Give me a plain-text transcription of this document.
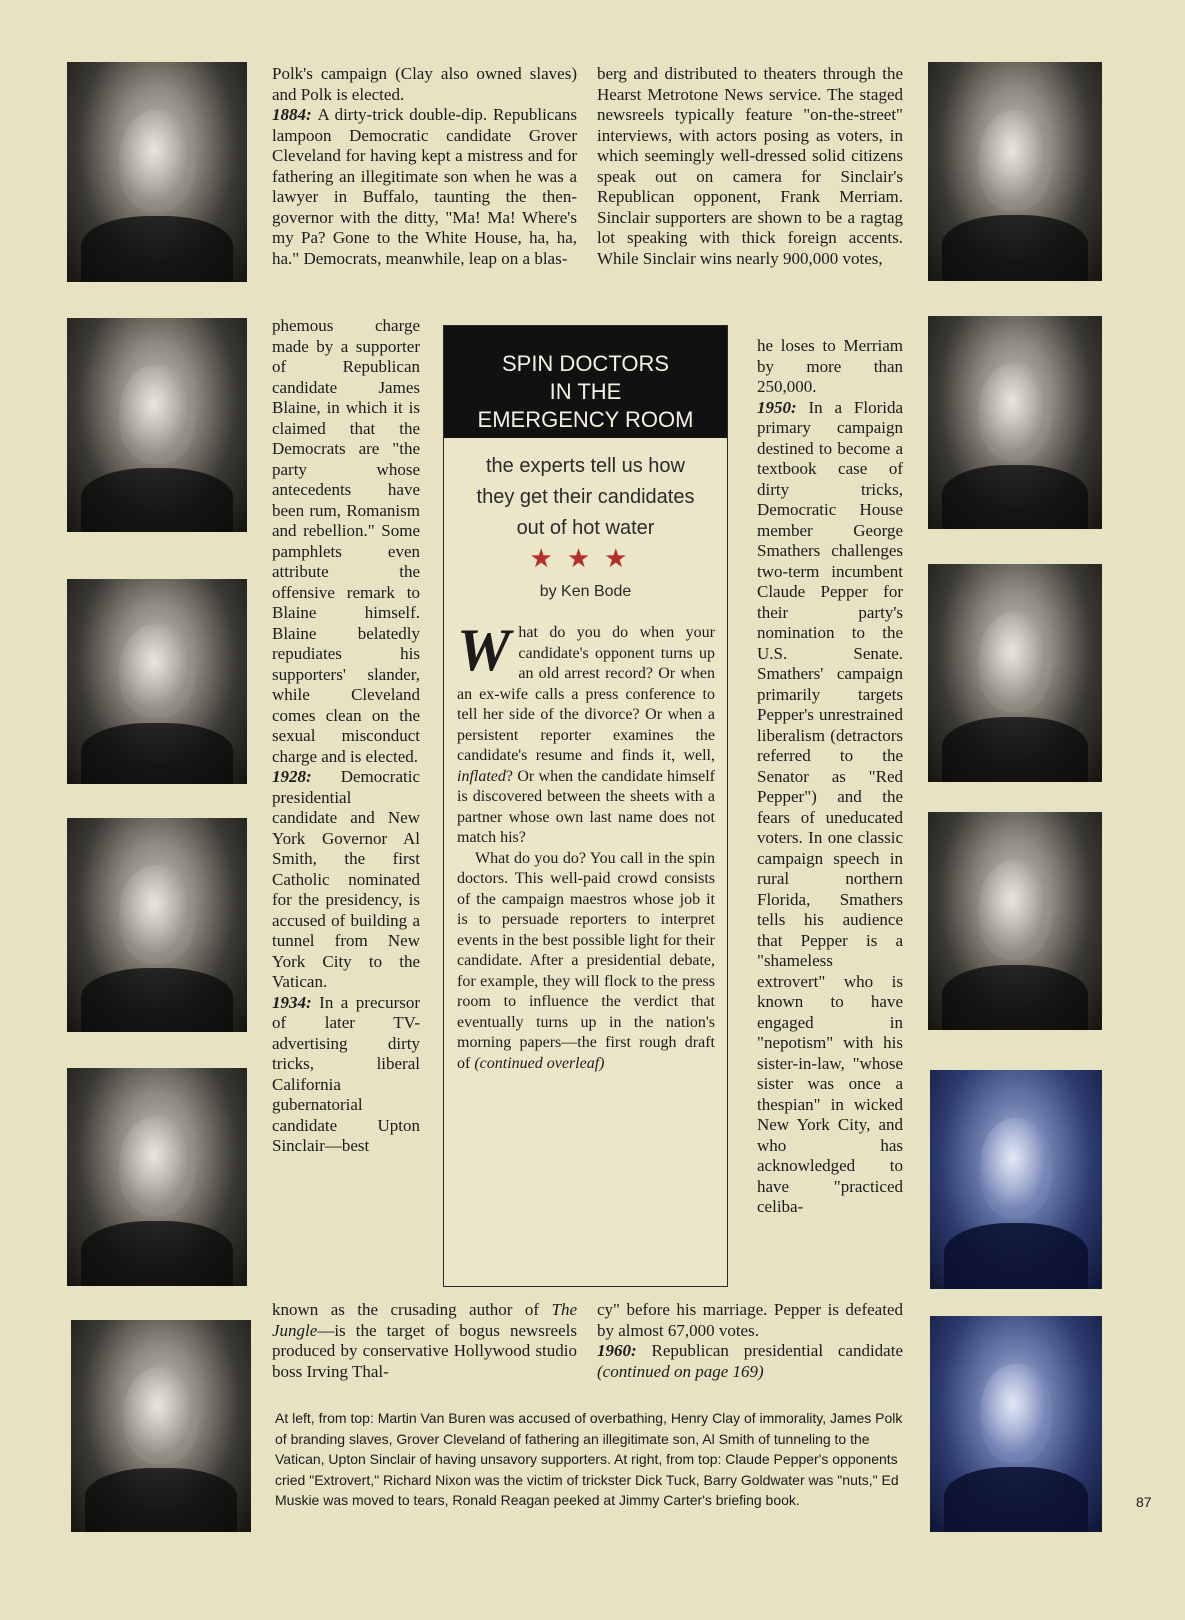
Polk's campaign (Clay also owned slaves) and Polk is elected.
1884: A dirty-trick double-dip. Republicans lampoon Democratic candidate Grover Cleveland for having kept a mistress and for fathering an illegitimate son when he was a lawyer in Buffalo, taunting the then-governor with the ditty, "Ma! Ma! Where's my Pa? Gone to the White House, ha, ha, ha." Democrats, meanwhile, leap on a blas-
phemous charge made by a supporter of Republican candidate James Blaine, in which it is claimed that the Democrats are "the party whose antecedents have been rum, Romanism and rebellion." Some pamphlets even attribute the offensive remark to Blaine himself. Blaine belatedly repudiates his supporters' slander, while Cleveland comes clean on the sexual misconduct charge and is elected.
1928: Democratic presidential candidate and New York Governor Al Smith, the first Catholic nominated for the presidency, is accused of building a tunnel from New York City to the Vatican.
1934: In a precursor of later TV-advertising dirty tricks, liberal California gubernatorial candidate Upton Sinclair—best
known as the crusading author of The Jungle—is the target of bogus newsreels produced by conservative Hollywood studio boss Irving Thal-
berg and distributed to theaters through the Hearst Metrotone News service. The staged newsreels typically feature "on-the-street" interviews, with actors posing as voters, in which seemingly well-dressed solid citizens speak out on camera for Sinclair's Republican opponent, Frank Merriam. Sinclair supporters are shown to be a ragtag lot speaking with thick foreign accents. While Sinclair wins nearly 900,000 votes,
he loses to Merriam by more than 250,000.
1950: In a Florida primary campaign destined to become a textbook case of dirty tricks, Democratic House member George Smathers challenges two-term incumbent Claude Pepper for their party's nomination to the U.S. Senate. Smathers' campaign primarily targets Pepper's unrestrained liberalism (detractors referred to the Senator as "Red Pepper") and the fears of uneducated voters. In one classic campaign speech in rural northern Florida, Smathers tells his audience that Pepper is a "shameless extrovert" who is known to have engaged in "nepotism" with his sister-in-law, "whose sister was once a thespian" in wicked New York City, and who has acknowledged to have "practiced celiba-
cy" before his marriage. Pepper is defeated by almost 67,000 votes.
1960: Republican presidential candidate (continued on page 169)
SPIN DOCTORS
IN THE
EMERGENCY ROOM
the experts tell us how
they get their candidates
out of hot water
★★★
by Ken Bode
What do you do when your candidate's opponent turns up an old arrest record? Or when an ex-wife calls a press conference to tell her side of the divorce? Or when a persistent reporter examines the candidate's resume and finds it, well, inflated? Or when the candidate himself is discovered between the sheets with a partner whose own last name does not match his?
What do you do? You call in the spin doctors. This well-paid crowd consists of the campaign maestros whose job it is to persuade reporters to interpret events in the best possible light for their candidate. After a presidential debate, for example, they will flock to the press room to influence the verdict that eventually turns up in the nation's morning papers—the first rough draft of (continued overleaf)
At left, from top: Martin Van Buren was accused of overbathing, Henry Clay of immorality, James Polk of branding slaves, Grover Cleveland of fathering an illegitimate son, Al Smith of tunneling to the Vatican, Upton Sinclair of having unsavory supporters. At right, from top: Claude Pepper's opponents cried "Extrovert," Richard Nixon was the victim of trickster Dick Tuck, Barry Goldwater was "nuts," Ed Muskie was moved to tears, Ronald Reagan peeked at Jimmy Carter's briefing book.	87
